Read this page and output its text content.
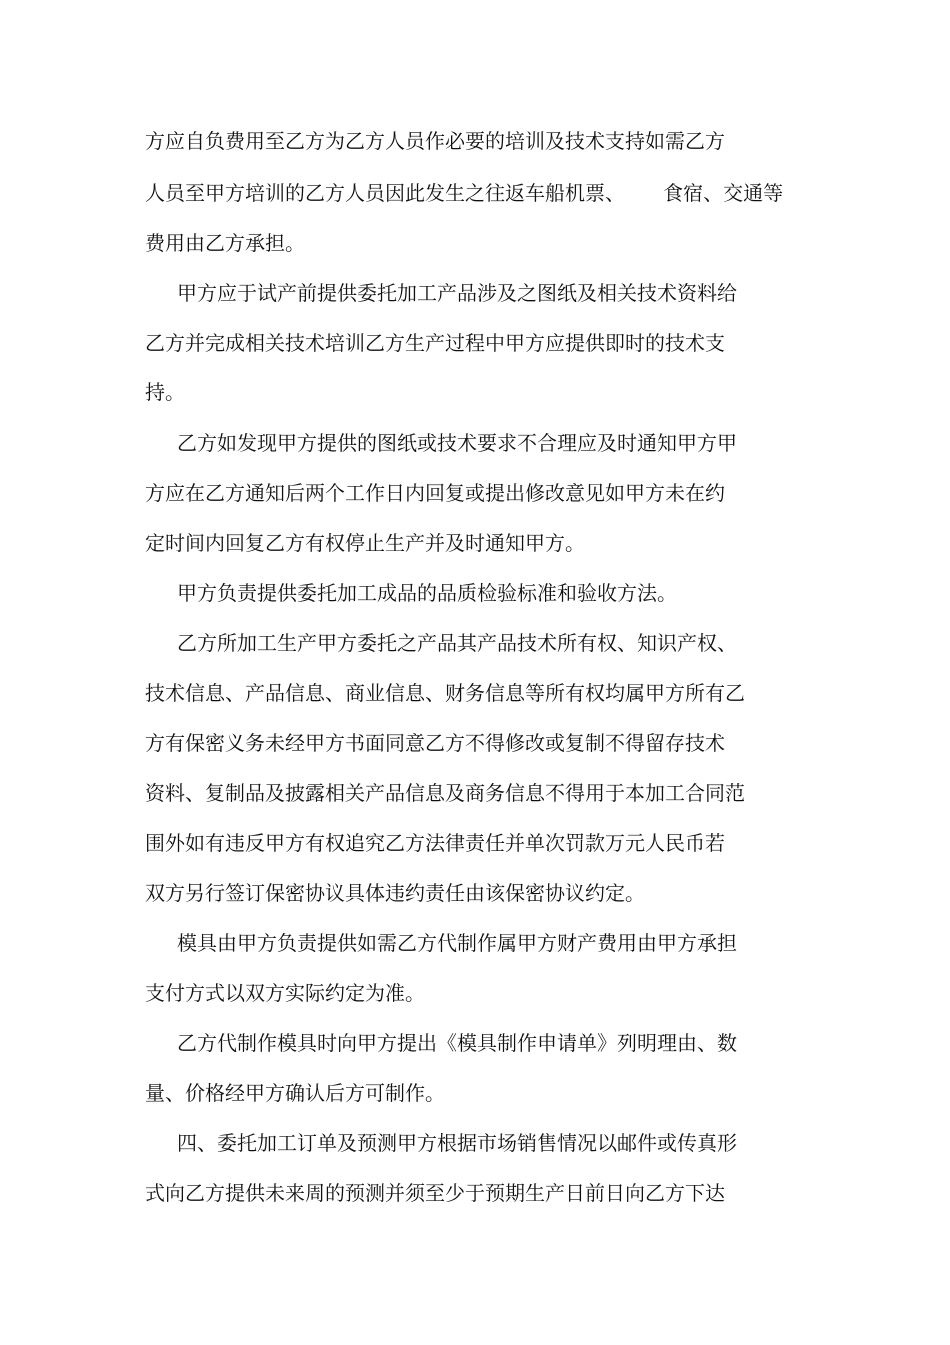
方应自负费用至乙方为乙方人员作必要的培训及技术支持如需乙方

人员至甲方培训的乙方人员因此发生之往返车船机票、      食宿、交通等

费用由乙方承担。

甲方应于试产前提供委托加工产品涉及之图纸及相关技术资料给

乙方并完成相关技术培训乙方生产过程中甲方应提供即时的技术支

持。

乙方如发现甲方提供的图纸或技术要求不合理应及时通知甲方甲

方应在乙方通知后两个工作日内回复或提出修改意见如甲方未在约

定时间内回复乙方有权停止生产并及时通知甲方。

甲方负责提供委托加工成品的品质检验标准和验收方法。

乙方所加工生产甲方委托之产品其产品技术所有权、知识产权、

技术信息、产品信息、商业信息、财务信息等所有权均属甲方所有乙

方有保密义务未经甲方书面同意乙方不得修改或复制不得留存技术

资料、复制品及披露相关产品信息及商务信息不得用于本加工合同范

围外如有违反甲方有权追究乙方法律责任并单次罚款万元人民币若

双方另行签订保密协议具体违约责任由该保密协议约定。

模具由甲方负责提供如需乙方代制作属甲方财产费用由甲方承担

支付方式以双方实际约定为准。

乙方代制作模具时向甲方提出《模具制作申请单》列明理由、数

量、价格经甲方确认后方可制作。

四、委托加工订单及预测甲方根据市场销售情况以邮件或传真形

式向乙方提供未来周的预测并须至少于预期生产日前日向乙方下达
